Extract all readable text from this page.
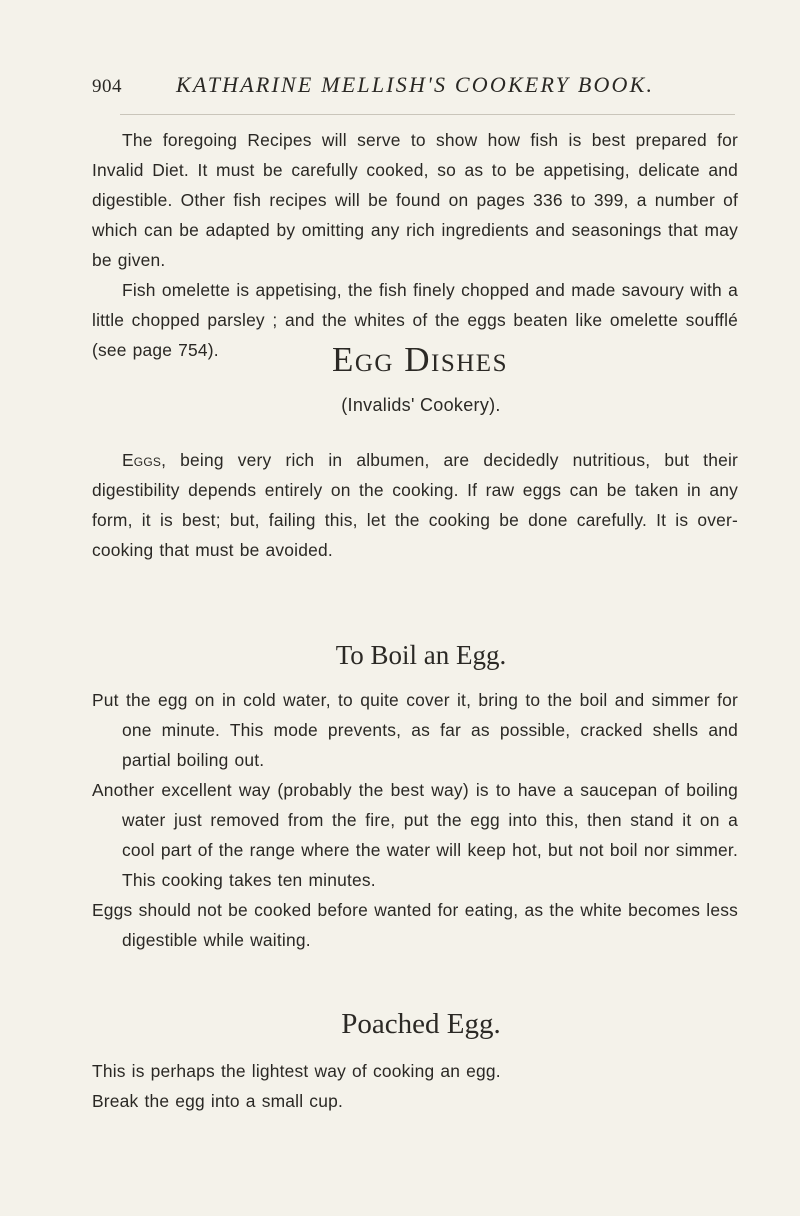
904 KATHARINE MELLISH'S COOKERY BOOK.

The foregoing Recipes will serve to show how fish is best prepared for Invalid Diet. It must be carefully cooked, so as to be appetising, delicate and digestible. Other fish recipes will be found on pages 336 to 399, a number of which can be adapted by omitting any rich ingredients and seasonings that may be given.

Fish omelette is appetising, the fish finely chopped and made savoury with a little chopped parsley ; and the whites of the eggs beaten like omelette soufflé (see page 754).	Egg Dishes
(Invalids' Cookery).

Eggs, being very rich in albumen, are decidedly nutritious, but their digestibility depends entirely on the cooking. If raw eggs can be taken in any form, it is best; but, failing this, let the cooking be done carefully. It is over-cooking that must be avoided.

To Boil an Egg.

Put the egg on in cold water, to quite cover it, bring to the boil and simmer for one minute. This mode prevents, as far as possible, cracked shells and partial boiling out.

Another excellent way (probably the best way) is to have a saucepan of boiling water just removed from the fire, put the egg into this, then stand it on a cool part of the range where the water will keep hot, but not boil nor simmer. This cooking takes ten minutes.

Eggs should not be cooked before wanted for eating, as the white becomes less digestible while waiting.

Poached Egg.

This is perhaps the lightest way of cooking an egg.

Break the egg into a small cup.
